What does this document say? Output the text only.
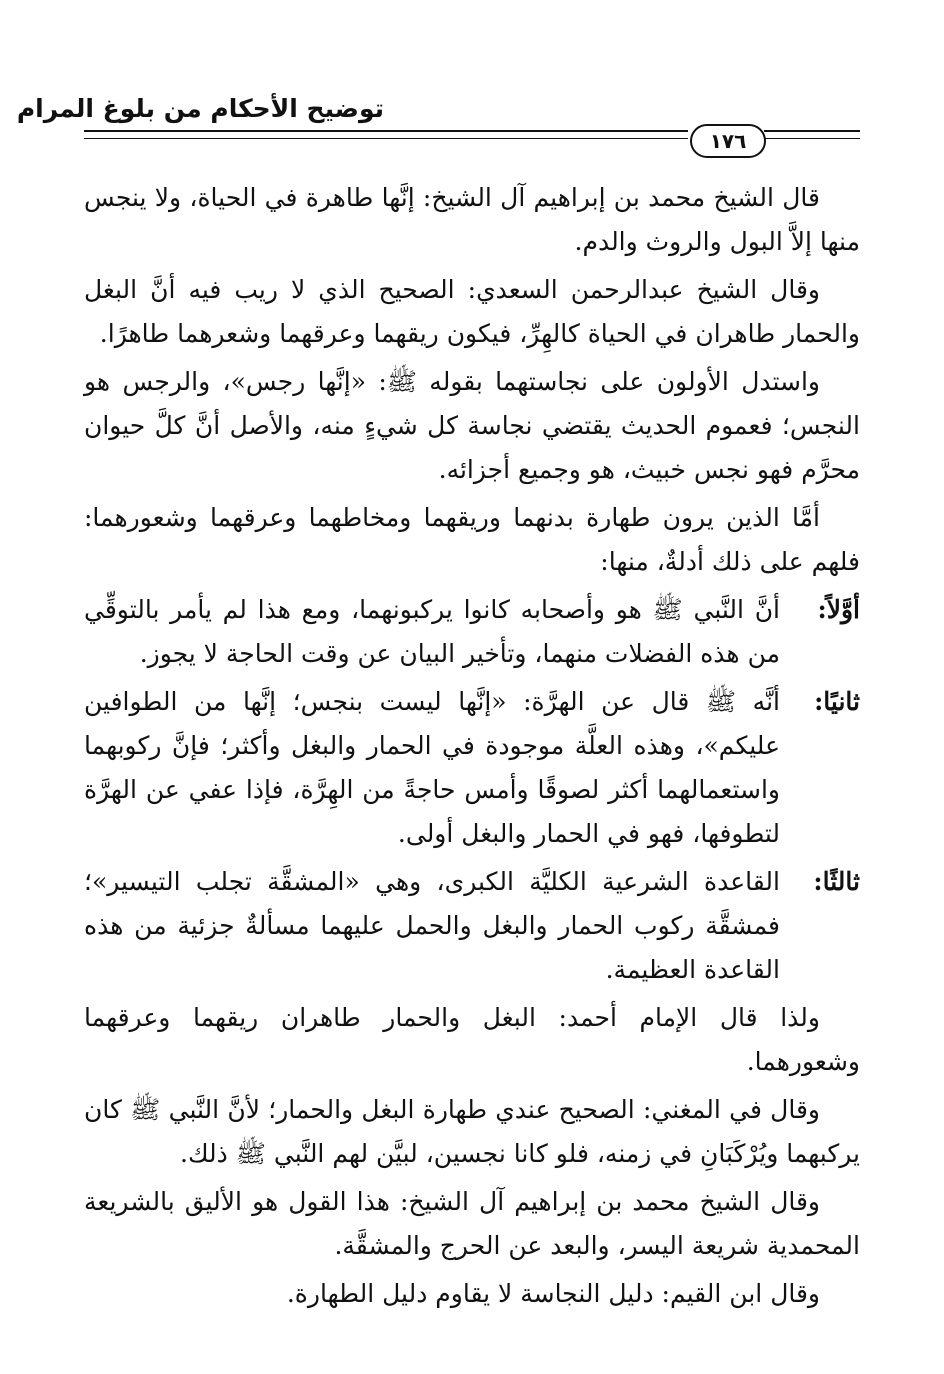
توضيح الأحكام من بلوغ المرام
١٧٦

قال الشيخ محمد بن إبراهيم آل الشيخ: إنَّها طاهرة في الحياة، ولا ينجس منها إلاَّ البول والروث والدم.

وقال الشيخ عبدالرحمن السعدي: الصحيح الذي لا ريب فيه أنَّ البغل والحمار طاهران في الحياة كالهِرِّ، فيكون ريقهما وعرقهما وشعرهما طاهرًا.

واستدل الأولون على نجاستهما بقوله ﷺ: «إنَّها رجس»، والرجس هو النجس؛ فعموم الحديث يقتضي نجاسة كل شيءٍ منه، والأصل أنَّ كلَّ حيوان محرَّم فهو نجس خبيث، هو وجميع أجزائه.

أمَّا الذين يرون طهارة بدنهما وريقهما ومخاطهما وعرقهما وشعورهما: فلهم على ذلك أدلةٌ، منها:

أوَّلاً:
أنَّ النَّبي ﷺ هو وأصحابه كانوا يركبونهما، ومع هذا لم يأمر بالتوقِّي من هذه الفضلات منهما، وتأخير البيان عن وقت الحاجة لا يجوز.
ثانيًا:
أنَّه ﷺ قال عن الهرَّة: «إنَّها ليست بنجس؛ إنَّها من الطوافين عليكم»، وهذه العلَّة موجودة في الحمار والبغل وأكثر؛ فإنَّ ركوبهما واستعمالهما أكثر لصوقًا وأمس حاجةً من الهِرَّة، فإذا عفي عن الهرَّة لتطوفها، فهو في الحمار والبغل أولى.
ثالثًا:
القاعدة الشرعية الكليَّة الكبرى، وهي «المشقَّة تجلب التيسير»؛ فمشقَّة ركوب الحمار والبغل والحمل عليهما مسألةٌ جزئية من هذه القاعدة العظيمة.

ولذا قال الإمام أحمد: البغل والحمار طاهران ريقهما وعرقهما وشعورهما.

وقال في المغني: الصحيح عندي طهارة البغل والحمار؛ لأنَّ النَّبي ﷺ كان يركبهما ويُرْكَبَانِ في زمنه، فلو كانا نجسين، لبيَّن لهم النَّبي ﷺ ذلك.

وقال الشيخ محمد بن إبراهيم آل الشيخ: هذا القول هو الأليق بالشريعة المحمدية شريعة اليسر، والبعد عن الحرج والمشقَّة.

وقال ابن القيم: دليل النجاسة لا يقاوم دليل الطهارة.
